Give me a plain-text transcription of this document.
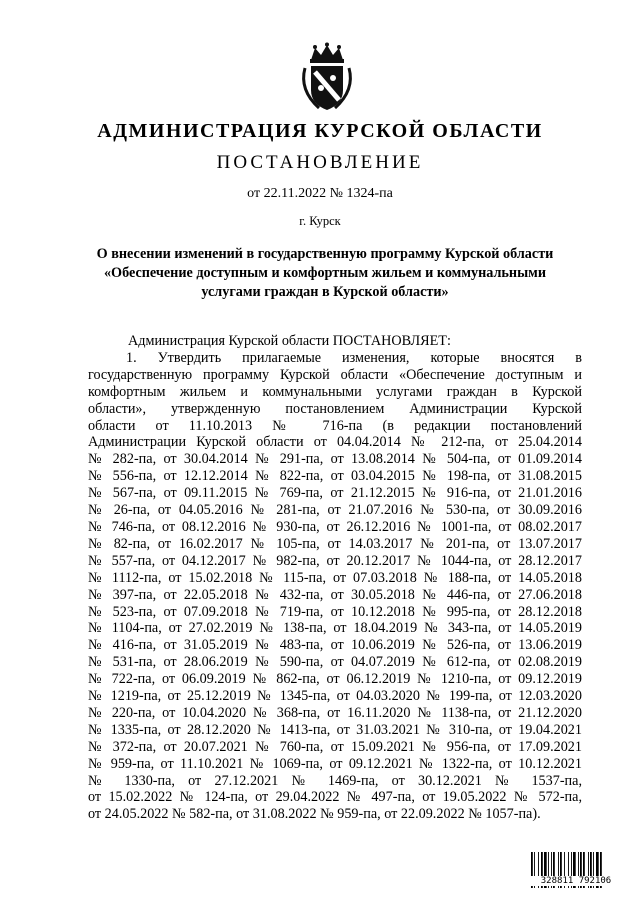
АДМИНИСТРАЦИЯ КУРСКОЙ ОБЛАСТИ
ПОСТАНОВЛЕНИЕ
от 22.11.2022 № 1324-па
г. Курск
О внесении изменений в государственную программу Курской области
«Обеспечение доступным и комфортным жильем и коммунальными
услугами граждан в Курской области»

Администрация Курской области ПОСТАНОВЛЯЕТ:

1. Утвердить прилагаемые изменения, которые вносятся в

государственную программу Курской области «Обеспечение доступным и

комфортным жильем и коммунальными услугами граждан в Курской

области», утвержденную постановлением Администрации Курской

области от 11.10.2013 № 716-па (в редакции постановлений

Администрации Курской области от 04.04.2014 № 212-па, от 25.04.2014

№ 282-па, от 30.04.2014 № 291-па, от 13.08.2014 № 504-па, от 01.09.2014

№ 556-па, от 12.12.2014 № 822-па, от 03.04.2015 № 198-па, от 31.08.2015

№ 567-па, от 09.11.2015 № 769-па, от 21.12.2015 № 916-па, от 21.01.2016

№ 26-па, от 04.05.2016 № 281-па, от 21.07.2016 № 530-па, от 30.09.2016

№ 746-па, от 08.12.2016 № 930-па, от 26.12.2016 № 1001-па, от 08.02.2017

№ 82-па, от 16.02.2017 № 105-па, от 14.03.2017 № 201-па, от 13.07.2017

№ 557-па, от 04.12.2017 № 982-па, от 20.12.2017 № 1044-па, от 28.12.2017

№ 1112-па, от 15.02.2018 № 115-па, от 07.03.2018 № 188-па, от 14.05.2018

№ 397-па, от 22.05.2018 № 432-па, от 30.05.2018 № 446-па, от 27.06.2018

№ 523-па, от 07.09.2018 № 719-па, от 10.12.2018 № 995-па, от 28.12.2018

№ 1104-па, от 27.02.2019 № 138-па, от 18.04.2019 № 343-па, от 14.05.2019

№ 416-па, от 31.05.2019 № 483-па, от 10.06.2019 № 526-па, от 13.06.2019

№ 531-па, от 28.06.2019 № 590-па, от 04.07.2019 № 612-па, от 02.08.2019

№ 722-па, от 06.09.2019 № 862-па, от 06.12.2019 № 1210-па, от 09.12.2019

№ 1219-па, от 25.12.2019 № 1345-па, от 04.03.2020 № 199-па, от 12.03.2020

№ 220-па, от 10.04.2020 № 368-па, от 16.11.2020 № 1138-па, от 21.12.2020

№ 1335-па, от 28.12.2020 № 1413-па, от 31.03.2021 № 310-па, от 19.04.2021

№ 372-па, от 20.07.2021 № 760-па, от 15.09.2021 № 956-па, от 17.09.2021

№ 959-па, от 11.10.2021 № 1069-па, от 09.12.2021 № 1322-па, от 10.12.2021

№ 1330-па, от 27.12.2021 № 1469-па, от 30.12.2021 № 1537-па,

от 15.02.2022 № 124-па, от 29.04.2022 № 497-па, от 19.05.2022 № 572-па,

от 24.05.2022 № 582-па, от 31.08.2022 № 959-па, от 22.09.2022 № 1057-па).

328811 792106
